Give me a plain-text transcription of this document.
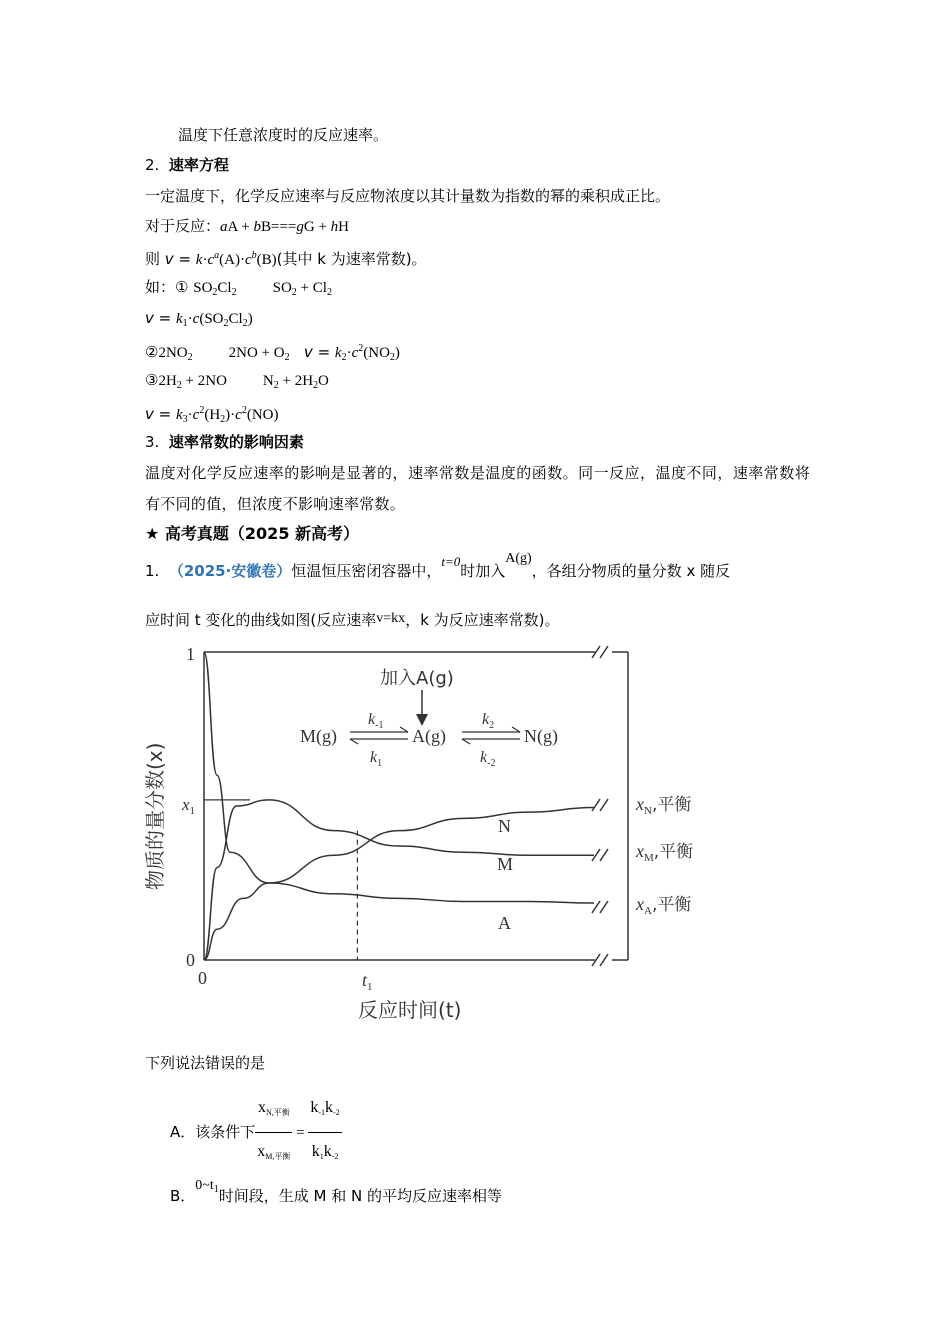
温度下任意浓度时的反应速率。
2. 速率方程
一定温度下，化学反应速率与反应物浓度以其计量数为指数的幂的乘积成正比。
对于反应：aA + bB===gG + hH
则 $v = k\cdot c^a(A)\cdot c^b(B)$(其中 k 为速率常数)。
如：① $SO_2Cl_2$ $SO_2 + Cl_2$
$v = k_1\cdot c(SO_2Cl_2)$
$②2NO_2$ $2NO + O_2$ $v = k_2\cdot c^2(NO_2)$
$③2H_2 + 2NO$ $N_2 + 2H_2O$
$v = k_3\cdot c^2(H_2)\cdot c^2(NO)$
3. 速率常数的影响因素
温度对化学反应速率的影响是显著的，速率常数是温度的函数。同一反应，温度不同，速率常数将有不同的值，但浓度不影响速率常数。
★ 高考真题（2025 新高考）
1. （2025·安徽卷）恒温恒压密闭容器中，t=0时加入A(g)，各组分物质的量分数 x 随反
应时间 t 变化的曲线如图(反应速率v=kx，k 为反应速率常数)。
1
0
$x_1$
0	$t_1$
反应时间(t)
物质的量分数(x)	N
M
A
$x_N$,平衡
$x_M$,平衡
$x_A$,平衡
加入A(g)
M(g)	A(g)	N(g)
$k_{-1}$
$k_1$
$k_2$
$k_{-2}$
下列说法错误的是
A．该条件下 $\frac{\text{xN,平衡}}{\text{xM,平衡}} = \frac{k-1k-2}{k1k-2}$
B．$0\sim t_1$时间段，生成 M 和 N 的平均反应速率相等
